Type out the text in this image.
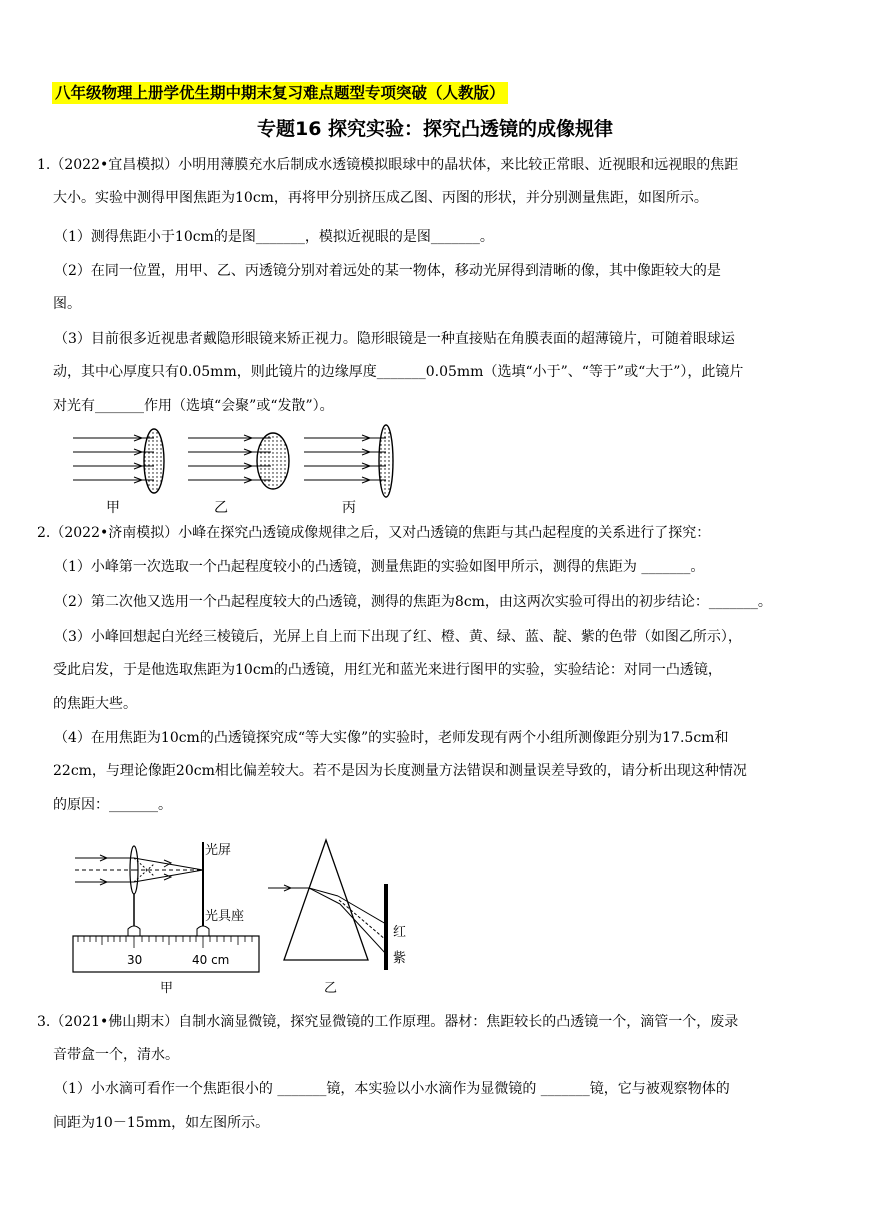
八年级物理上册学优生期中期末复习难点题型专项突破（人教版）
专题16 探究实验：探究凸透镜的成像规律
1.（2022•宜昌模拟）小明用薄膜充水后制成水透镜模拟眼球中的晶状体，来比较正常眼、近视眼和远视眼的焦距
大小。实验中测得甲图焦距为10cm，再将甲分别挤压成乙图、丙图的形状，并分别测量焦距，如图所示。
（1）测得焦距小于10cm的是图_______，模拟近视眼的是图_______。
（2）在同一位置，用甲、乙、丙透镜分别对着远处的某一物体，移动光屏得到清晰的像，其中像距较大的是
图。
（3）目前很多近视患者戴隐形眼镜来矫正视力。隐形眼镜是一种直接贴在角膜表面的超薄镜片，可随着眼球运
动，其中心厚度只有0.05mm，则此镜片的边缘厚度_______0.05mm（选填“小于”、“等于”或“大于”），此镜片
对光有_______作用（选填“会聚”或“发散”）。
甲	乙	丙
2.（2022•济南模拟）小峰在探究凸透镜成像规律之后，又对凸透镜的焦距与其凸起程度的关系进行了探究：
（1）小峰第一次选取一个凸起程度较小的凸透镜，测量焦距的实验如图甲所示，测得的焦距为 _______。
（2）第二次他又选用一个凸起程度较大的凸透镜，测得的焦距为8cm，由这两次实验可得出的初步结论：_______。
（3）小峰回想起白光经三棱镜后，光屏上自上而下出现了红、橙、黄、绿、蓝、靛、紫的色带（如图乙所示），
受此启发，于是他选取焦距为10cm的凸透镜，用红光和蓝光来进行图甲的实验，实验结论：对同一凸透镜，
的焦距大些。
（4）在用焦距为10cm的凸透镜探究成“等大实像”的实验时，老师发现有两个小组所测像距分别为17.5cm和
22cm，与理论像距20cm相比偏差较大。若不是因为长度测量方法错误和测量误差导致的，请分析出现这种情况
的原因：_______。
光屏
光具座
30	40 cm
甲
红
紫
乙
3.（2021•佛山期末）自制水滴显微镜，探究显微镜的工作原理。器材：焦距较长的凸透镜一个，滴管一个，废录
音带盒一个，清水。
（1）小水滴可看作一个焦距很小的 _______镜，本实验以小水滴作为显微镜的 _______镜，它与被观察物体的
间距为10－15mm，如左图所示。
